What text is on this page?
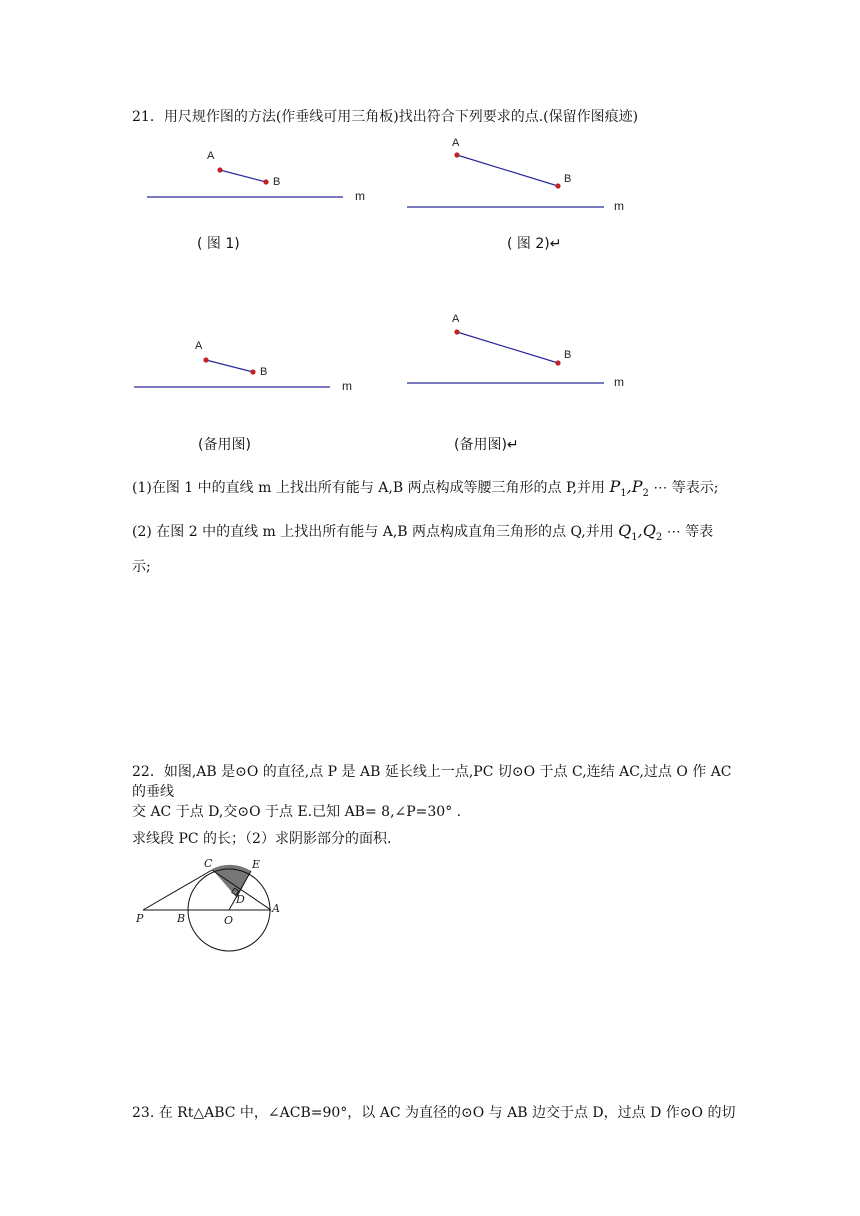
21．用尺规作图的方法(作垂线可用三角板)找出符合下列要求的点.(保留作图痕迹)
A
B
m
A
B
m
A
B
m
A
B
m
( 图 1)	( 图 2)↵
(备用图)	(备用图)↵
(1)在图 1 中的直线 m 上找出所有能与 A,B 两点构成等腰三角形的点 P,并用 $P_1,P_2$ ⋯ 等表示;
(2) 在图 2 中的直线 m 上找出所有能与 A,B 两点构成直角三角形的点 Q,并用 $Q_1,Q_2$ ⋯ 等表
示;
22．如图,AB 是⊙O 的直径,点 P 是 AB 延长线上一点,PC 切⊙O 于点 C,连结 AC,过点 O 作 AC
的垂线
交 AC 于点 D,交⊙O 于点 E.已知 AB= 8,∠P=30° .
求线段 PC 的长；（2）求阴影部分的面积.
C	E
D
P	B	O
A
23. 在 Rt△ABC 中，∠ACB=90°，以 AC 为直径的⊙O 与 AB 边交于点 D，过点 D 作⊙O 的切
